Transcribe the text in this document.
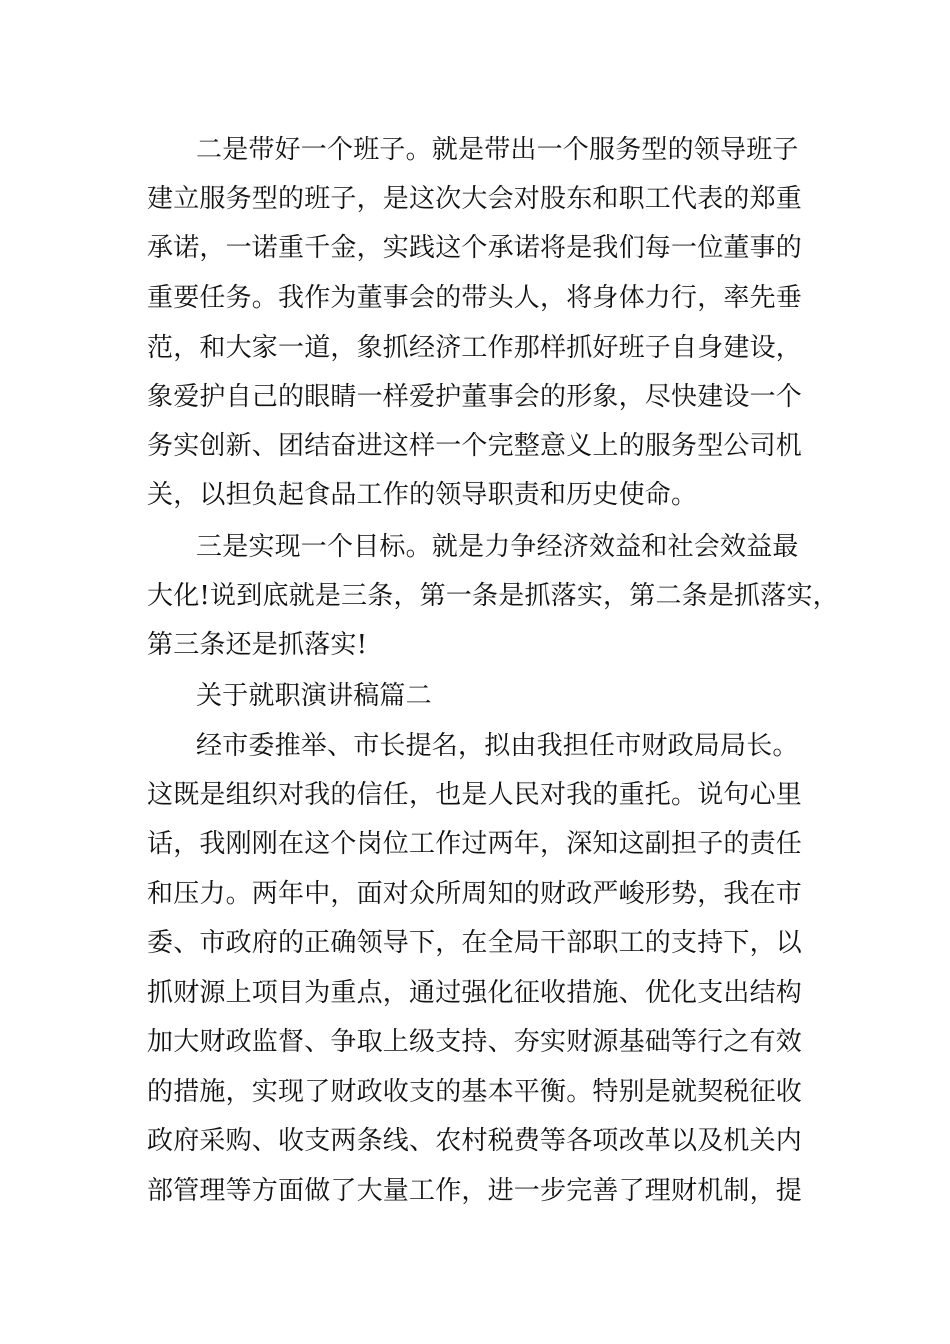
二是带好一个班子。就是带出一个服务型的领导班子
建立服务型的班子，是这次大会对股东和职工代表的郑重
承诺，一诺重千金，实践这个承诺将是我们每一位董事的
重要任务。我作为董事会的带头人，将身体力行，率先垂
范，和大家一道，象抓经济工作那样抓好班子自身建设，
象爱护自己的眼睛一样爱护董事会的形象，尽快建设一个
务实创新、团结奋进这样一个完整意义上的服务型公司机
关，以担负起食品工作的领导职责和历史使命。
三是实现一个目标。就是力争经济效益和社会效益最
大化!说到底就是三条，第一条是抓落实，第二条是抓落实，
第三条还是抓落实!
关于就职演讲稿篇二
经市委推举、市长提名，拟由我担任市财政局局长。
这既是组织对我的信任，也是人民对我的重托。说句心里
话，我刚刚在这个岗位工作过两年，深知这副担子的责任
和压力。两年中，面对众所周知的财政严峻形势，我在市
委、市政府的正确领导下，在全局干部职工的支持下，以
抓财源上项目为重点，通过强化征收措施、优化支出结构
加大财政监督、争取上级支持、夯实财源基础等行之有效
的措施，实现了财政收支的基本平衡。特别是就契税征收
政府采购、收支两条线、农村税费等各项改革以及机关内
部管理等方面做了大量工作，进一步完善了理财机制，提
